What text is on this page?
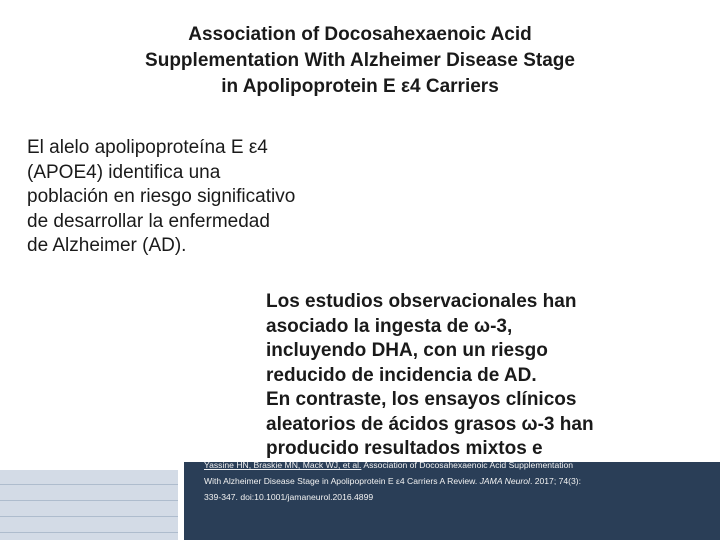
Association of Docosahexaenoic Acid
Supplementation With Alzheimer Disease Stage
in Apolipoprotein E ε4 Carriers
El alelo apolipoproteína E ε4
(APOE4) identifica una
población en riesgo significativo
de desarrollar la enfermedad
de Alzheimer (AD).
Los estudios observacionales han
asociado la ingesta de ω-3,
incluyendo DHA, con un riesgo
reducido de incidencia de AD.
En contraste, los ensayos clínicos
aleatorios de ácidos grasos ω-3 han
producido resultados mixtos e
Yassine HN, Braskie MN, Mack WJ, et al. Association of Docosahexaenoic Acid Supplementation
With Alzheimer Disease Stage in Apolipoprotein E ε4 Carriers A Review. JAMA Neurol. 2017; 74(3):
339-347. doi:10.1001/jamaneurol.2016.4899
